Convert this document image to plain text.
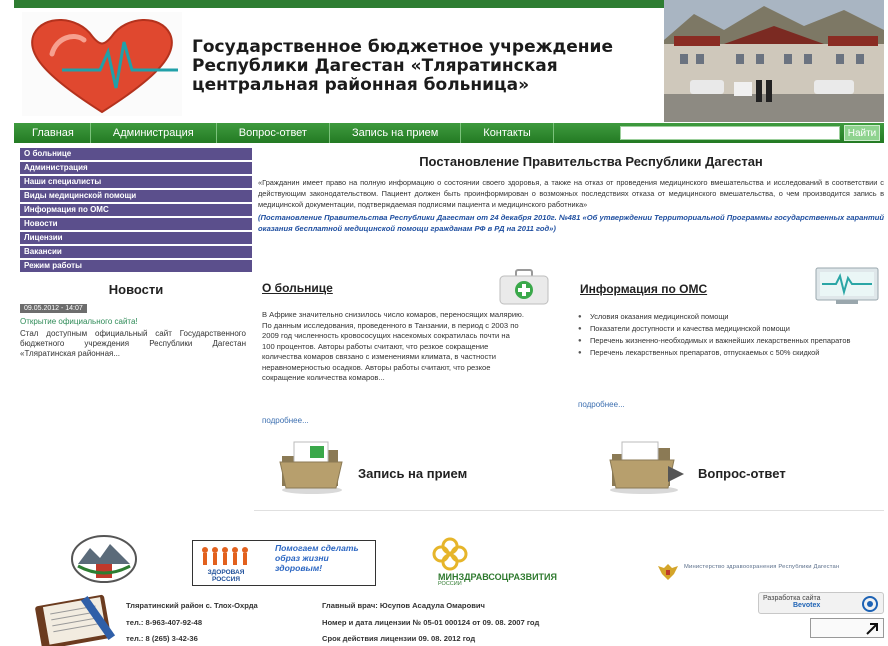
Государственное бюджетное учреждение Республики Дагестан «Тляратинская центральная районная больница»
Главная	Администрация	Вопрос-ответ	Запись на прием	Контакты	Найти
О больнице
Администрация
Наши специалисты
Виды медицинской помощи
Информация по ОМС
Новости
Лицензии
Вакансии
Режим работы
Новости
09.05.2012 - 14:07
Открытие официального сайта!
Стал доступным официальный сайт Государственного бюджетного учреждения Республики Дагестан «Тляратинская районная...
Постановление Правительства Республики Дагестан
«Гражданин имеет право на полную информацию о состоянии своего здоровья, а также на отказ от проведения медицинского вмешательства и исследований в соответствии с действующим законодательством. Пациент должен быть проинформирован о возможных последствиях отказа от медицинского вмешательства, о чем производится запись в медицинской документации, подтверждаемая подписями пациента и медицинского работника»
(Постановление Правительства Республики Дагестан от 24 декабря 2010г. №481 «Об утверждении Территориальной Программы государственных гарантий оказания бесплатной медицинской помощи гражданам РФ в РД на 2011 год»)
О больнице
В Африке значительно снизилось число комаров, переносящих малярию. По данным исследования, проведенного в Танзании, в период с 2003 по 2009 год численность кровососущих насекомых сократилась почти на 100 процентов. Авторы работы считают, что резкое сокращение количества комаров связано с изменениями климата, в частности неравномерностью осадков. Авторы работы считают, что резкое сокращение количества комаров...
подробнее...
Информация по ОМС
● Условия оказания медицинской помощи
● Показатели доступности и качества медицинской помощи
● Перечень жизненно-необходимых и важнейших лекарственных препаратов
● Перечень лекарственных препаратов, отпускаемых с 50% скидкой
подробнее...
Запись на прием	Вопрос-ответ
ЗДОРОВАЯ РОССИЯ
Помогаем сделать образ жизни здоровым!
МИНЗДРАВСОЦРАЗВИТИЯ
РОССИИ
Министерство здравоохранения Республики Дагестан
Тляратинский район с. Тлох-Охрда
тел.: 8-963-407-92-48
тел.: 8 (265) 3-42-36
Главный врач: Юсупов Асадула Омарович
Номер и дата лицензии № 05-01 000124 от 09. 08. 2007 год
Срок действия лицензии 09. 08. 2012 год
Разработка сайта
Bevotex
